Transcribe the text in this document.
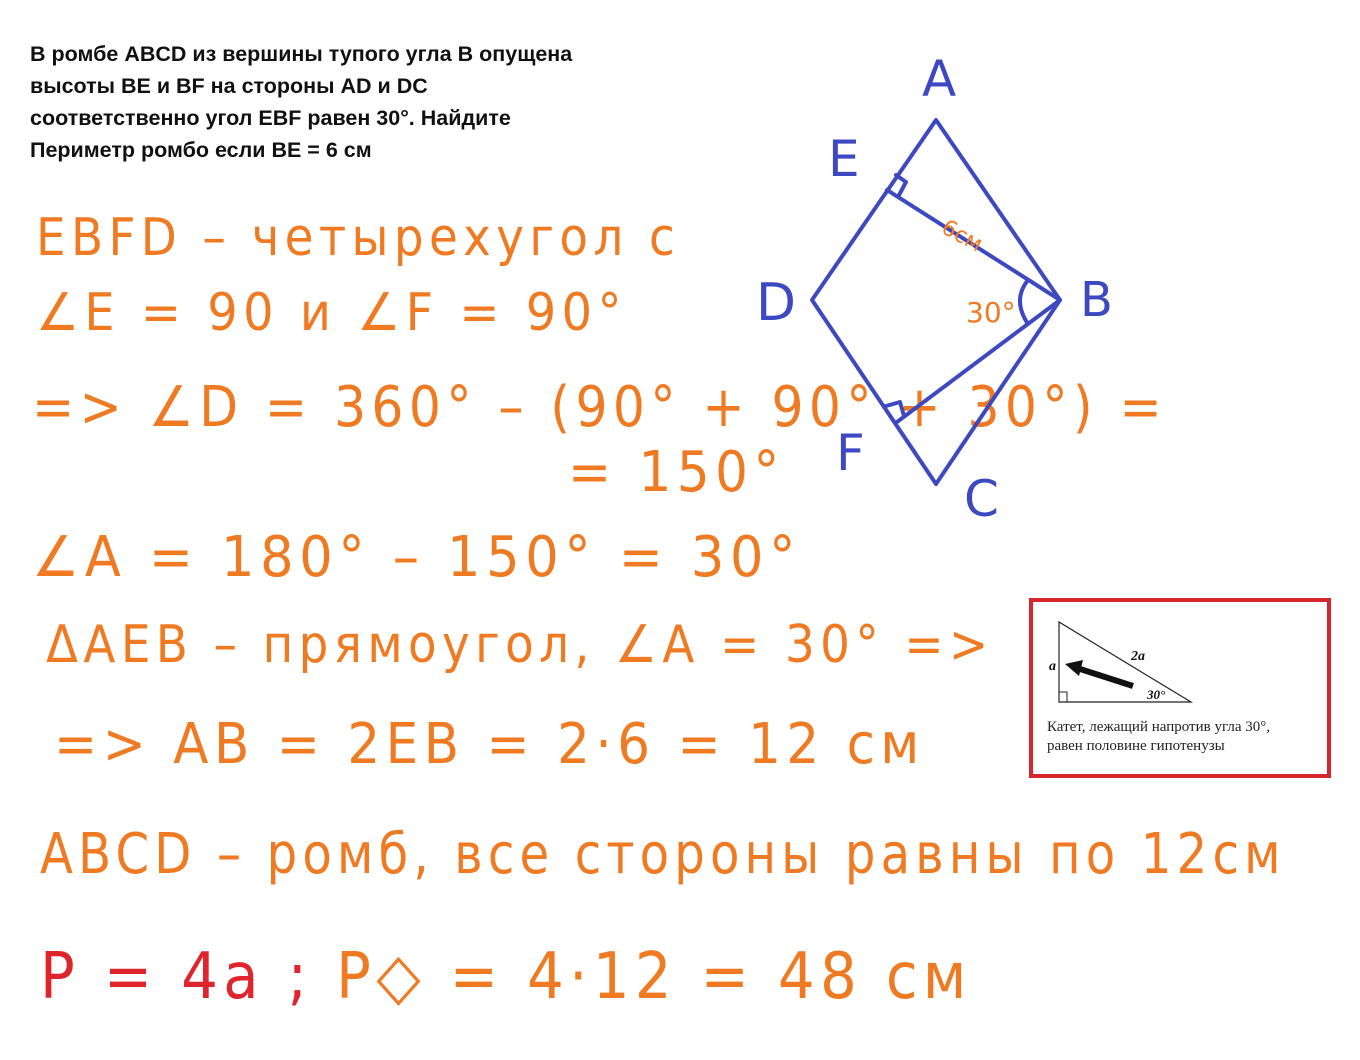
В ромбе ABCD из вершины тупого угла B опущена
высоты BE и BF на стороны AD и DC
соответственно угол EBF равен 30°. Найдите
Периметр ромбо если BE = 6 см
EBFD – четырехугол с
∠E = 90 и ∠F = 90°
=> ∠D = 360° – (90° + 90° + 30°) =
= 150°
∠A = 180° – 150° = 30°
ΔAEB – прямоугол, ∠A = 30° =>
=> AB = 2EB = 2·6 = 12 см
ABCD – ромб, все стороны равны по 12см
P = 4a ; P◇ = 4·12 = 48 см
A
B
C
D
E
F
6см
30°
a
2a
30°
Катет, лежащий напротив угла 30°,
равен половине гипотенузы
